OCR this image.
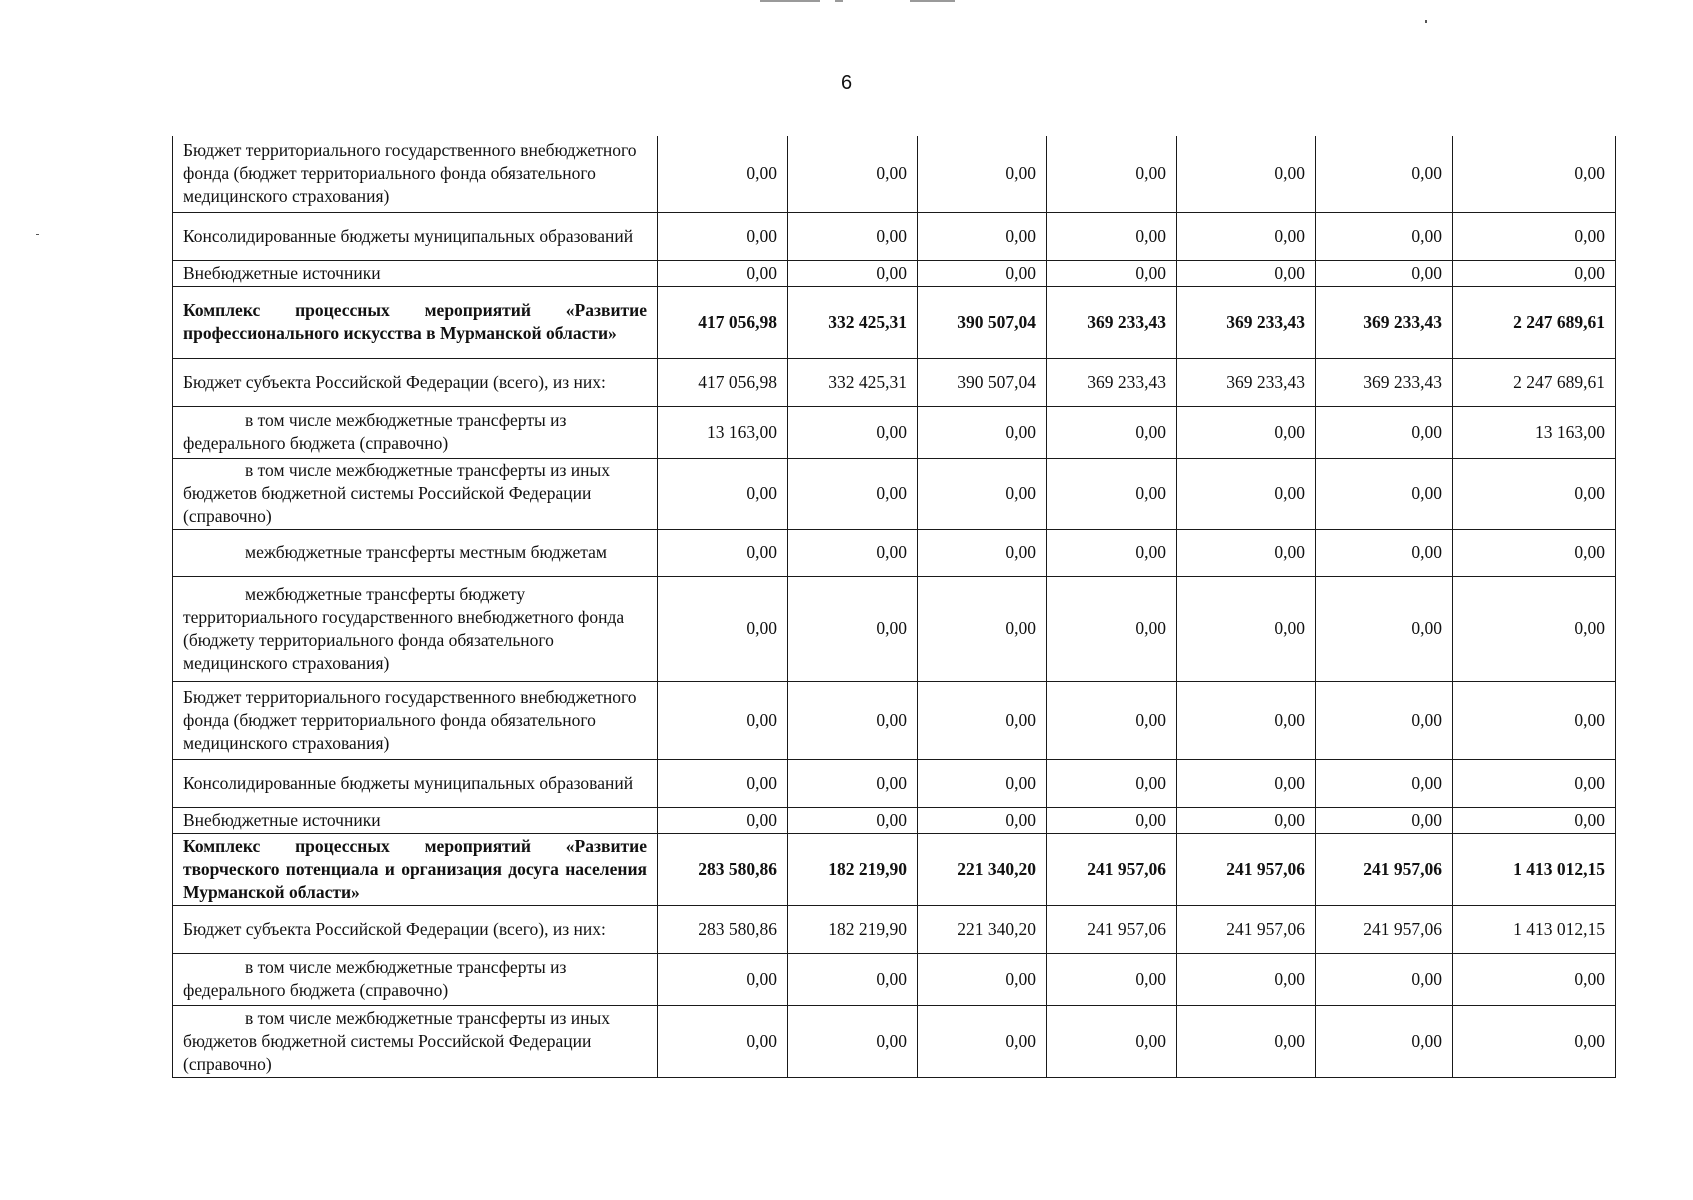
6
Бюджет территориального государственного внебюджетного фонда (бюджет территориального фонда обязательного медицинского страхования)	0,00	0,00	0,00	0,00	0,00	0,00	0,00
Консолидированные бюджеты муниципальных образований	0,00	0,00	0,00	0,00	0,00	0,00	0,00
Внебюджетные источники	0,00	0,00	0,00	0,00	0,00	0,00	0,00
Комплекс процессных мероприятий «Развитие профессионального искусства в Мурманской области»	417 056,98	332 425,31	390 507,04	369 233,43	369 233,43	369 233,43	2 247 689,61
Бюджет субъекта Российской Федерации (всего), из них:	417 056,98	332 425,31	390 507,04	369 233,43	369 233,43	369 233,43	2 247 689,61
в том числе межбюджетные трансферты из федерального бюджета (справочно)	13 163,00	0,00	0,00	0,00	0,00	0,00	13 163,00
в том числе межбюджетные трансферты из иных бюджетов бюджетной системы Российской Федерации (справочно)	0,00	0,00	0,00	0,00	0,00	0,00	0,00
межбюджетные трансферты местным бюджетам	0,00	0,00	0,00	0,00	0,00	0,00	0,00
межбюджетные трансферты бюджету территориального государственного внебюджетного фонда (бюджету территориального фонда обязательного медицинского страхования)	0,00	0,00	0,00	0,00	0,00	0,00	0,00
Бюджет территориального государственного внебюджетного фонда (бюджет территориального фонда обязательного медицинского страхования)	0,00	0,00	0,00	0,00	0,00	0,00	0,00
Консолидированные бюджеты муниципальных образований	0,00	0,00	0,00	0,00	0,00	0,00	0,00
Внебюджетные источники	0,00	0,00	0,00	0,00	0,00	0,00	0,00
Комплекс процессных мероприятий «Развитие творческого потенциала и организация досуга населения Мурманской области»	283 580,86	182 219,90	221 340,20	241 957,06	241 957,06	241 957,06	1 413 012,15
Бюджет субъекта Российской Федерации (всего), из них:	283 580,86	182 219,90	221 340,20	241 957,06	241 957,06	241 957,06	1 413 012,15
в том числе межбюджетные трансферты из федерального бюджета (справочно)	0,00	0,00	0,00	0,00	0,00	0,00	0,00
в том числе межбюджетные трансферты из иных бюджетов бюджетной системы Российской Федерации (справочно)	0,00	0,00	0,00	0,00	0,00	0,00	0,00
